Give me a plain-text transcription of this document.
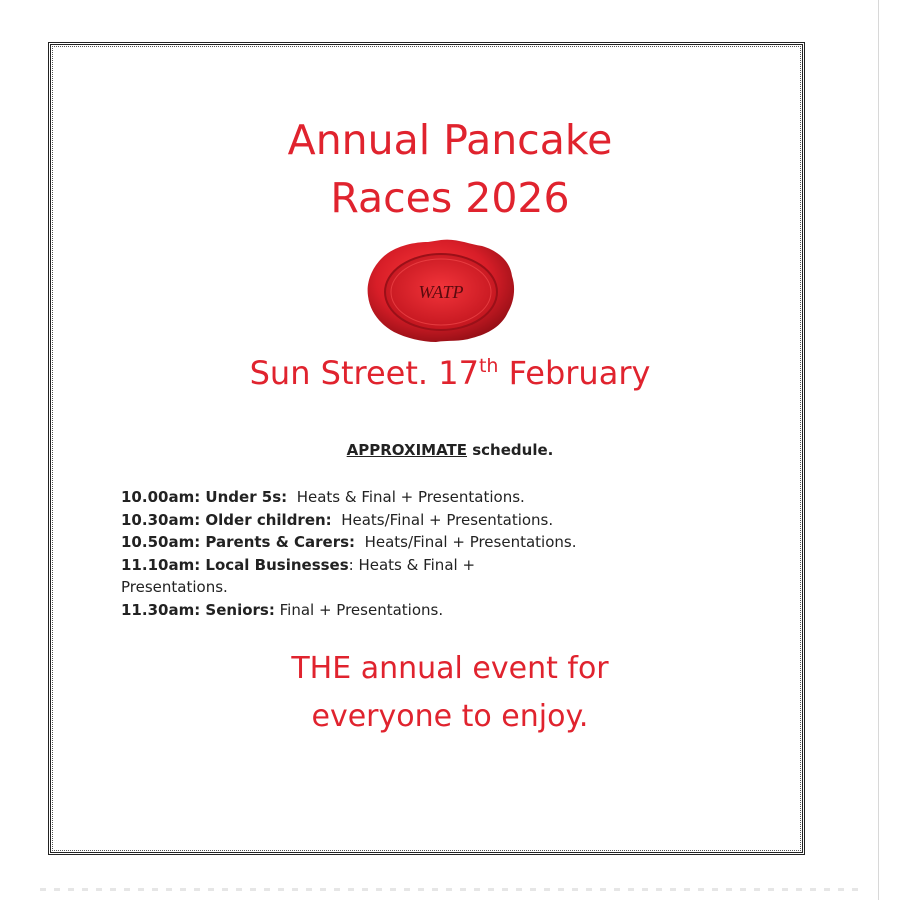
Annual Pancake
Races 2026
WATP
Sun Street. 17th February
APPROXIMATE schedule.
10.00am: Under 5s:  Heats & Final + Presentations.
10.30am: Older children:  Heats/Final + Presentations.
10.50am: Parents & Carers:  Heats/Final + Presentations.
11.10am: Local Businesses: Heats & Final +
Presentations.
11.30am: Seniors: Final + Presentations.

THE annual event for
everyone to enjoy.
